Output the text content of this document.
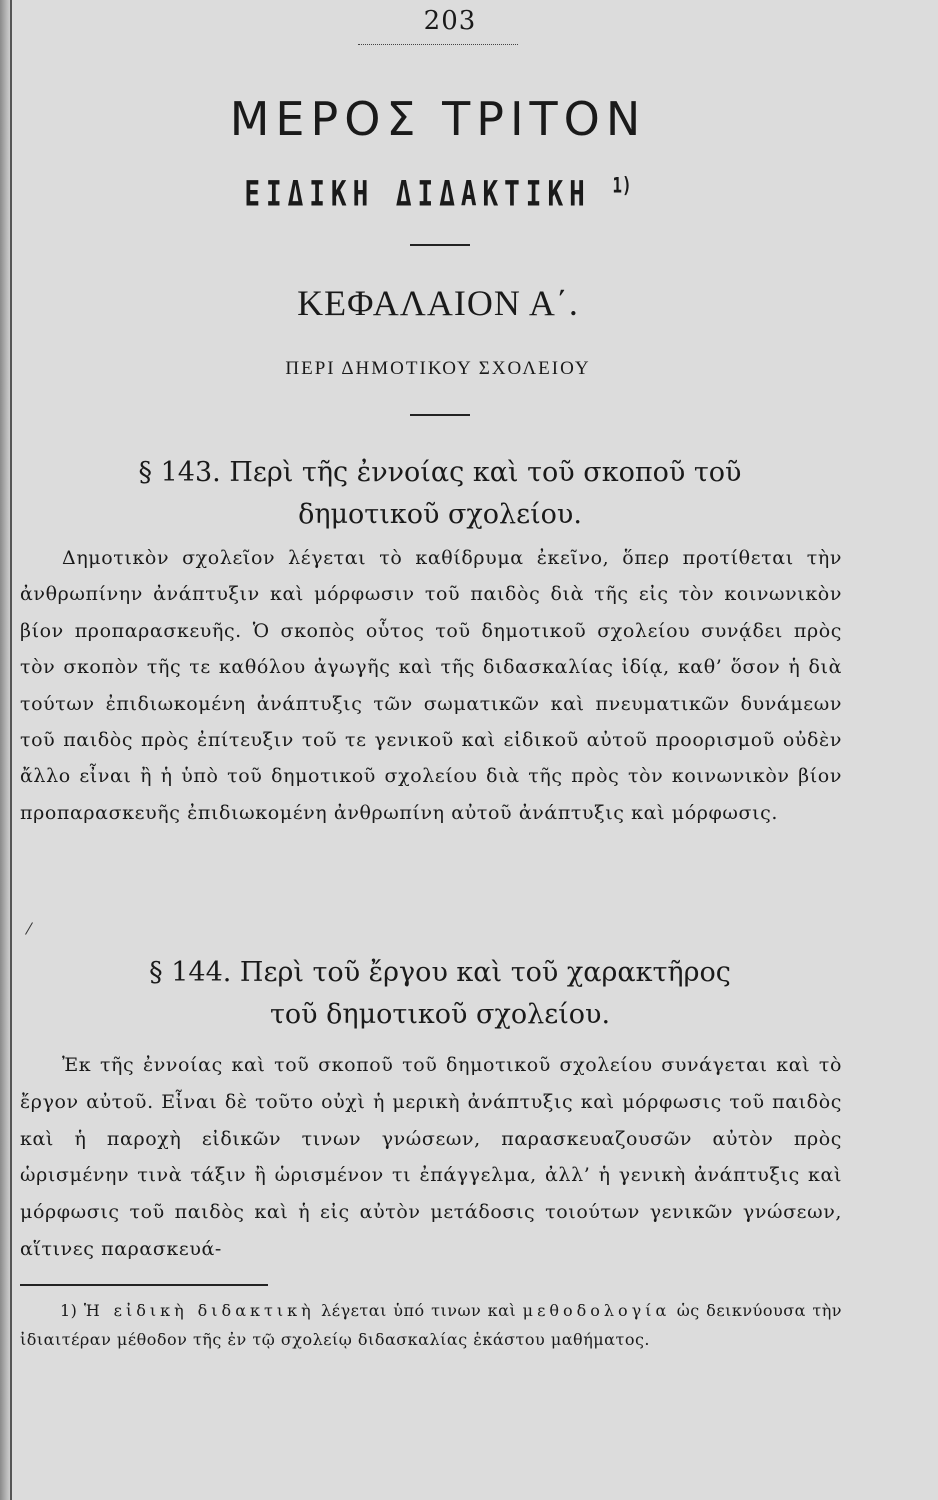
203
ΜΕΡΟΣ ΤΡΙΤΟΝ
ΕΙΔΙΚΗ ΔΙΔΑΚΤΙΚΗ $^{1)}$
ΚΕΦΑΛΑΙΟΝ Α΄.
ΠΕΡΙ ΔΗΜΟΤΙΚΟΥ ΣΧΟΛΕΙΟΥ
§ 143. Περὶ τῆς ἐννοίας καὶ τοῦ σκοποῦ τοῦ
δημοτικοῦ σχολείου.
Δημοτικὸν σχολεῖον λέγεται τὸ καθίδρυμα ἐκεῖνο, ὅπερ προτίθεται τὴν ἀνθρωπίνην ἀνάπτυξιν καὶ μόρφωσιν τοῦ παιδὸς διὰ τῆς εἰς τὸν κοινωνικὸν βίον προπαρασκευῆς. Ὁ σκοπὸς οὗτος τοῦ δημοτικοῦ σχολείου συνᾴδει πρὸς τὸν σκοπὸν τῆς τε καθόλου ἀγωγῆς καὶ τῆς διδασκαλίας ἰδίᾳ, καθ’ ὅσον ἡ διὰ τούτων ἐπιδιωκομένη ἀνάπτυξις τῶν σωματικῶν καὶ πνευματικῶν δυνάμεων τοῦ παιδὸς πρὸς ἐπίτευξιν τοῦ τε γενικοῦ καὶ εἰδικοῦ αὐτοῦ προορισμοῦ οὐδὲν ἄλλο εἶναι ἢ ἡ ὑπὸ τοῦ δημοτικοῦ σχολείου διὰ τῆς πρὸς τὸν κοινωνικὸν βίον προπαρασκευῆς ἐπιδιωκομένη ἀνθρωπίνη αὐτοῦ ἀνάπτυξις καὶ μόρφωσις.
§ 144. Περὶ τοῦ ἔργου καὶ τοῦ χαρακτῆρος
τοῦ δημοτικοῦ σχολείου.
Ἐκ τῆς ἐννοίας καὶ τοῦ σκοποῦ τοῦ δημοτικοῦ σχολείου συνάγεται καὶ τὸ ἔργον αὐτοῦ. Εἶναι δὲ τοῦτο οὐχὶ ἡ μερικὴ ἀνάπτυξις καὶ μόρφωσις τοῦ παιδὸς καὶ ἡ παροχὴ εἰδικῶν τινων γνώσεων, παρασκευαζουσῶν αὐτὸν πρὸς ὡρισμένην τινὰ τάξιν ἢ ὡρισμένον τι ἐπάγγελμα, ἀλλ’ ἡ γενικὴ ἀνάπτυξις καὶ μόρφωσις τοῦ παιδὸς καὶ ἡ εἰς αὐτὸν μετάδοσις τοιούτων γενικῶν γνώσεων, αἵτινες παρασκευά-
1) Ἡ εἰδικὴ διδακτικὴ λέγεται ὑπό τινων καὶ μεθοδολογία ὡς δεικνύουσα τὴν ἰδιαιτέραν μέθοδον τῆς ἐν τῷ σχολείῳ διδασκαλίας ἑκάστου μαθήματος.
